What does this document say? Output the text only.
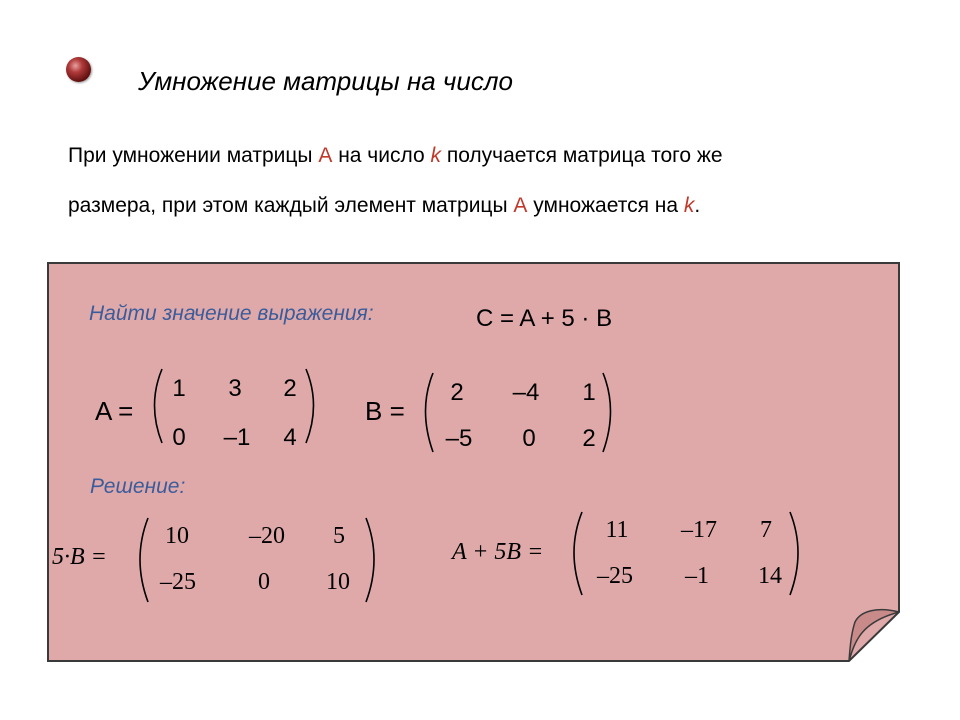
Умножение матрицы на число
При умножении матрицы А на число k получается матрица того же
размера, при этом каждый элемент матрицы А умножается на k.
Найти значение выражения:	C = A + 5 · B
A =
1 3 2
0 –1 4
B =
2 –4 1
–5 0 2
5·B =
10	–20 5
–25	0 10
A + 5B =
11 –17 7
–25 –1 14
Решение:
